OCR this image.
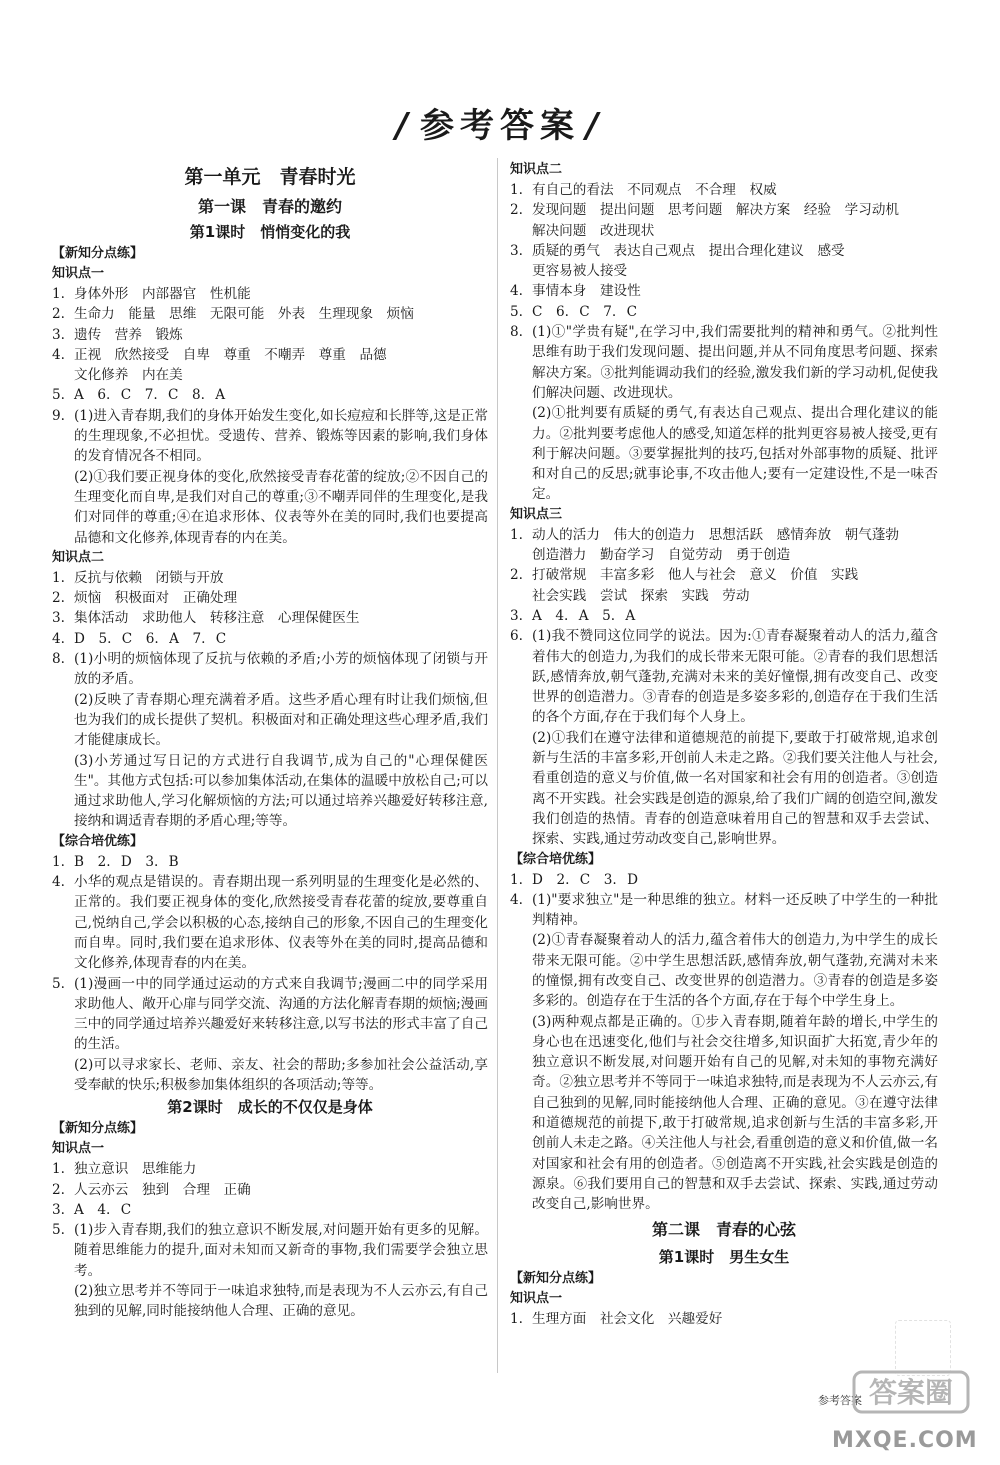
/ 参考答案 /
第一单元　青春时光
第一课　青春的邀约
第1课时　悄悄变化的我
【新知分点练】
知识点一
1. 身体外形　内部器官　性机能
2. 生命力　能量　思维　无限可能　外表　生理现象　烦恼
3. 遗传　营养　锻炼
4. 正视　欣然接受　自卑　尊重　不嘲弄　尊重　品德
文化修养　内在美
5. A　6. C　7. C　8. A
9. (1)进入青春期,我们的身体开始发生变化,如长痘痘和长胖等,这是正常的生理现象,不必担忧。受遗传、营养、锻炼等因素的影响,我们身体的发育情况各不相同。
(2)①我们要正视身体的变化,欣然接受青春花蕾的绽放;②不因自己的生理变化而自卑,是我们对自己的尊重;③不嘲弄同伴的生理变化,是我们对同伴的尊重;④在追求形体、仪表等外在美的同时,我们也要提高品德和文化修养,体现青春的内在美。
知识点二
1. 反抗与依赖　闭锁与开放
2. 烦恼　积极面对　正确处理
3. 集体活动　求助他人　转移注意　心理保健医生
4. D　5. C　6. A　7. C
8. (1)小明的烦恼体现了反抗与依赖的矛盾;小芳的烦恼体现了闭锁与开放的矛盾。
(2)反映了青春期心理充满着矛盾。这些矛盾心理有时让我们烦恼,但也为我们的成长提供了契机。积极面对和正确处理这些心理矛盾,我们才能健康成长。
(3)小芳通过写日记的方式进行自我调节,成为自己的"心理保健医生"。其他方式包括:可以参加集体活动,在集体的温暖中放松自己;可以通过求助他人,学习化解烦恼的方法;可以通过培养兴趣爱好转移注意,接纳和调适青春期的矛盾心理;等等。
【综合培优练】
1. B　2. D　3. B
4. 小华的观点是错误的。青春期出现一系列明显的生理变化是必然的、正常的。我们要正视身体的变化,欣然接受青春花蕾的绽放,要尊重自己,悦纳自己,学会以积极的心态,接纳自己的形象,不因自己的生理变化而自卑。同时,我们要在追求形体、仪表等外在美的同时,提高品德和文化修养,体现青春的内在美。
5. (1)漫画一中的同学通过运动的方式来自我调节;漫画二中的同学采用求助他人、敞开心扉与同学交流、沟通的方法化解青春期的烦恼;漫画三中的同学通过培养兴趣爱好来转移注意,以写书法的形式丰富了自己的生活。
(2)可以寻求家长、老师、亲友、社会的帮助;多参加社会公益活动,享受奉献的快乐;积极参加集体组织的各项活动;等等。
第2课时　成长的不仅仅是身体
【新知分点练】
知识点一
1. 独立意识　思维能力
2. 人云亦云　独到　合理　正确
3. A　4. C
5. (1)步入青春期,我们的独立意识不断发展,对问题开始有更多的见解。随着思维能力的提升,面对未知而又新奇的事物,我们需要学会独立思考。
(2)独立思考并不等同于一味追求独特,而是表现为不人云亦云,有自己独到的见解,同时能接纳他人合理、正确的意见。
知识点二
1. 有自己的看法　不同观点　不合理　权威
2. 发现问题　提出问题　思考问题　解决方案　经验　学习动机
解决问题　改进现状
3. 质疑的勇气　表达自己观点　提出合理化建议　感受
更容易被人接受
4. 事情本身　建设性
5. C　6. C　7. C
8. (1)①"学贵有疑",在学习中,我们需要批判的精神和勇气。②批判性思维有助于我们发现问题、提出问题,并从不同角度思考问题、探索解决方案。③批判能调动我们的经验,激发我们新的学习动机,促使我们解决问题、改进现状。
(2)①批判要有质疑的勇气,有表达自己观点、提出合理化建议的能力。②批判要考虑他人的感受,知道怎样的批判更容易被人接受,更有利于解决问题。③要掌握批判的技巧,包括对外部事物的质疑、批评和对自己的反思;就事论事,不攻击他人;要有一定建设性,不是一味否定。
知识点三
1. 动人的活力　伟大的创造力　思想活跃　感情奔放　朝气蓬勃
创造潜力　勤奋学习　自觉劳动　勇于创造
2. 打破常规　丰富多彩　他人与社会　意义　价值　实践
社会实践　尝试　探索　实践　劳动
3. A　4. A　5. A
6. (1)我不赞同这位同学的说法。因为:①青春凝聚着动人的活力,蕴含着伟大的创造力,为我们的成长带来无限可能。②青春的我们思想活跃,感情奔放,朝气蓬勃,充满对未来的美好憧憬,拥有改变自己、改变世界的创造潜力。③青春的创造是多姿多彩的,创造存在于我们生活的各个方面,存在于我们每个人身上。
(2)①我们在遵守法律和道德规范的前提下,要敢于打破常规,追求创新与生活的丰富多彩,开创前人未走之路。②我们要关注他人与社会,看重创造的意义与价值,做一名对国家和社会有用的创造者。③创造离不开实践。社会实践是创造的源泉,给了我们广阔的创造空间,激发我们创造的热情。青春的创造意味着用自己的智慧和双手去尝试、探索、实践,通过劳动改变自己,影响世界。
【综合培优练】
1. D　2. C　3. D
4. (1)"要求独立"是一种思维的独立。材料一还反映了中学生的一种批判精神。
(2)①青春凝聚着动人的活力,蕴含着伟大的创造力,为中学生的成长带来无限可能。②中学生思想活跃,感情奔放,朝气蓬勃,充满对未来的憧憬,拥有改变自己、改变世界的创造潜力。③青春的创造是多姿多彩的。创造存在于生活的各个方面,存在于每个中学生身上。
(3)两种观点都是正确的。①步入青春期,随着年龄的增长,中学生的身心也在迅速变化,他们与社会交往增多,知识面扩大拓宽,青少年的独立意识不断发展,对问题开始有自己的见解,对未知的事物充满好奇。②独立思考并不等同于一味追求独特,而是表现为不人云亦云,有自己独到的见解,同时能接纳他人合理、正确的意见。③在遵守法律和道德规范的前提下,敢于打破常规,追求创新与生活的丰富多彩,开创前人未走之路。④关注他人与社会,看重创造的意义和价值,做一名对国家和社会有用的创造者。⑤创造离不开实践,社会实践是创造的源泉。⑥我们要用自己的智慧和双手去尝试、探索、实践,通过劳动改变自己,影响世界。
第二课　青春的心弦
第1课时　男生女生
【新知分点练】
知识点一
1. 生理方面　社会文化　兴趣爱好
参考答案 答案圈
MXQE.COM
